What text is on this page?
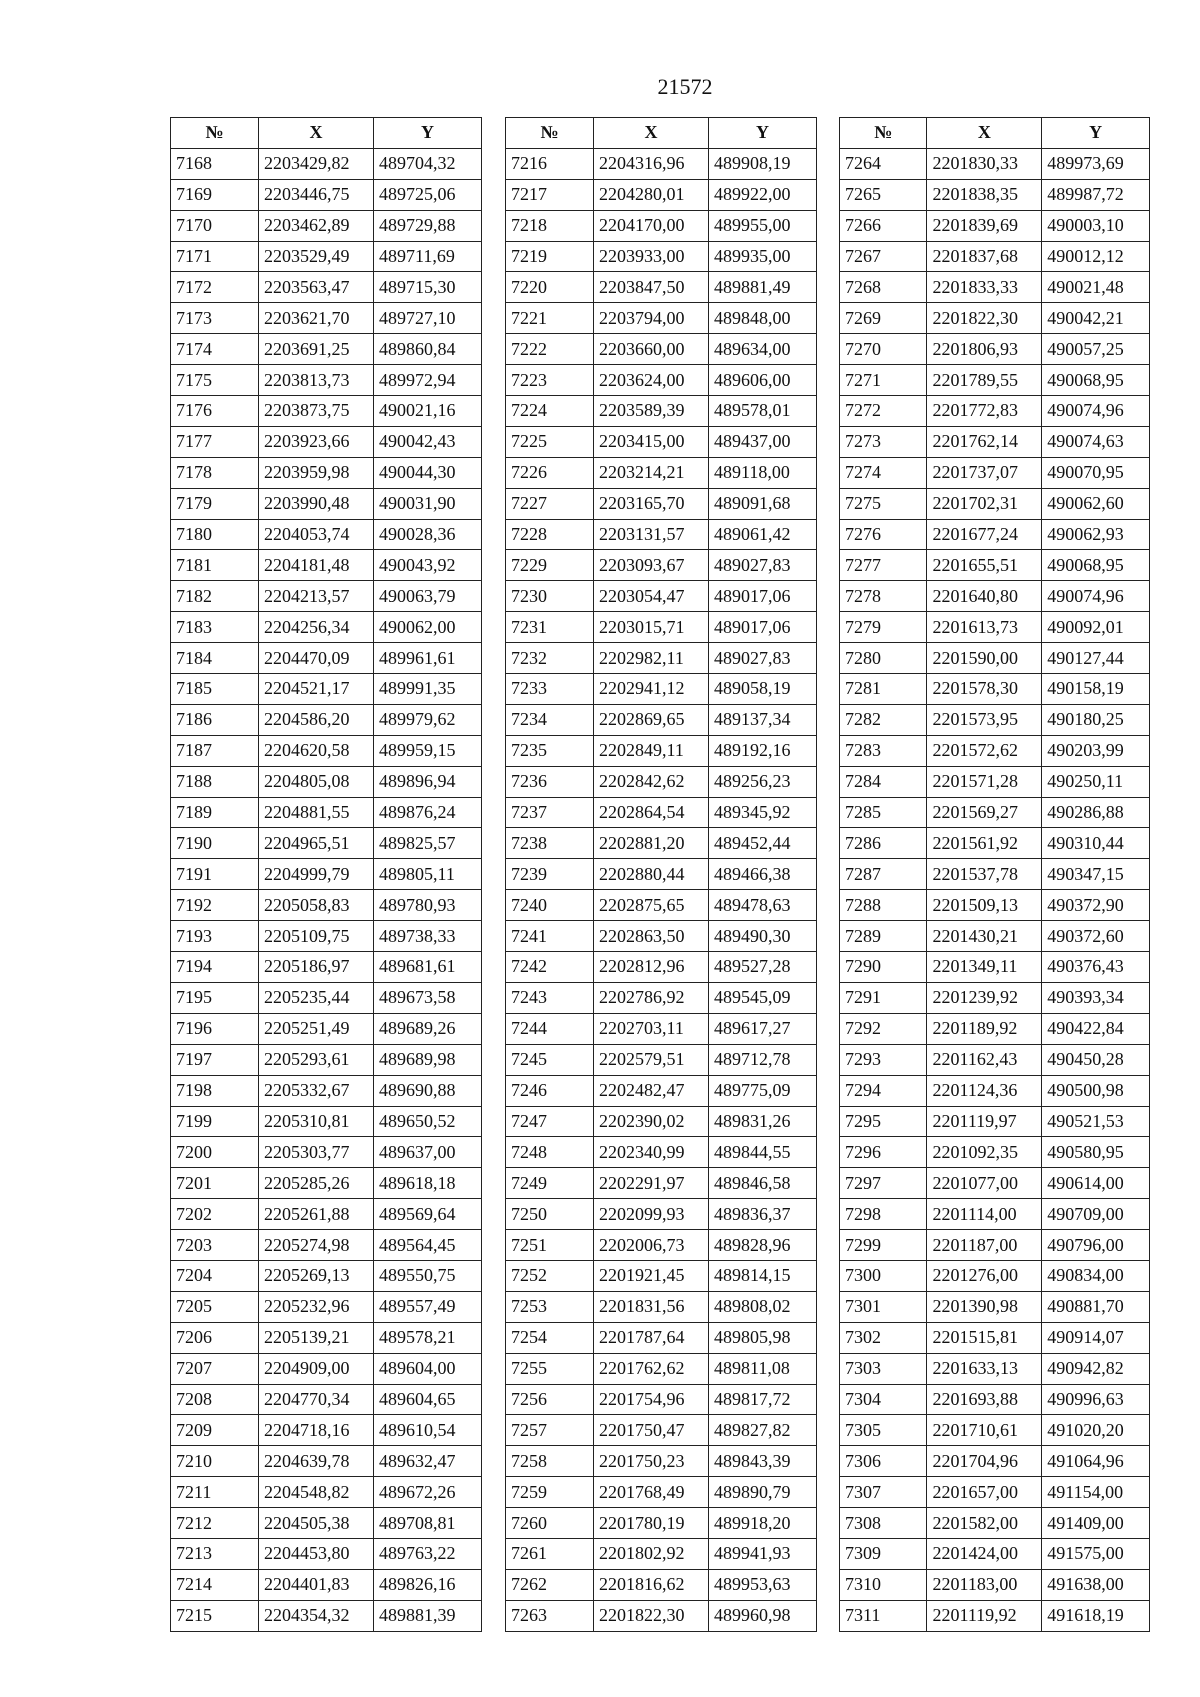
21572
№	X	Y
7168	2203429,82	489704,32
7169	2203446,75	489725,06
7170	2203462,89	489729,88
7171	2203529,49	489711,69
7172	2203563,47	489715,30
7173	2203621,70	489727,10
7174	2203691,25	489860,84
7175	2203813,73	489972,94
7176	2203873,75	490021,16
7177	2203923,66	490042,43
7178	2203959,98	490044,30
7179	2203990,48	490031,90
7180	2204053,74	490028,36
7181	2204181,48	490043,92
7182	2204213,57	490063,79
7183	2204256,34	490062,00
7184	2204470,09	489961,61
7185	2204521,17	489991,35
7186	2204586,20	489979,62
7187	2204620,58	489959,15
7188	2204805,08	489896,94
7189	2204881,55	489876,24
7190	2204965,51	489825,57
7191	2204999,79	489805,11
7192	2205058,83	489780,93
7193	2205109,75	489738,33
7194	2205186,97	489681,61
7195	2205235,44	489673,58
7196	2205251,49	489689,26
7197	2205293,61	489689,98
7198	2205332,67	489690,88
7199	2205310,81	489650,52
7200	2205303,77	489637,00
7201	2205285,26	489618,18
7202	2205261,88	489569,64
7203	2205274,98	489564,45
7204	2205269,13	489550,75
7205	2205232,96	489557,49
7206	2205139,21	489578,21
7207	2204909,00	489604,00
7208	2204770,34	489604,65
7209	2204718,16	489610,54
7210	2204639,78	489632,47
7211	2204548,82	489672,26
7212	2204505,38	489708,81
7213	2204453,80	489763,22
7214	2204401,83	489826,16
7215	2204354,32	489881,39
№	X	Y
7216	2204316,96	489908,19
7217	2204280,01	489922,00
7218	2204170,00	489955,00
7219	2203933,00	489935,00
7220	2203847,50	489881,49
7221	2203794,00	489848,00
7222	2203660,00	489634,00
7223	2203624,00	489606,00
7224	2203589,39	489578,01
7225	2203415,00	489437,00
7226	2203214,21	489118,00
7227	2203165,70	489091,68
7228	2203131,57	489061,42
7229	2203093,67	489027,83
7230	2203054,47	489017,06
7231	2203015,71	489017,06
7232	2202982,11	489027,83
7233	2202941,12	489058,19
7234	2202869,65	489137,34
7235	2202849,11	489192,16
7236	2202842,62	489256,23
7237	2202864,54	489345,92
7238	2202881,20	489452,44
7239	2202880,44	489466,38
7240	2202875,65	489478,63
7241	2202863,50	489490,30
7242	2202812,96	489527,28
7243	2202786,92	489545,09
7244	2202703,11	489617,27
7245	2202579,51	489712,78
7246	2202482,47	489775,09
7247	2202390,02	489831,26
7248	2202340,99	489844,55
7249	2202291,97	489846,58
7250	2202099,93	489836,37
7251	2202006,73	489828,96
7252	2201921,45	489814,15
7253	2201831,56	489808,02
7254	2201787,64	489805,98
7255	2201762,62	489811,08
7256	2201754,96	489817,72
7257	2201750,47	489827,82
7258	2201750,23	489843,39
7259	2201768,49	489890,79
7260	2201780,19	489918,20
7261	2201802,92	489941,93
7262	2201816,62	489953,63
7263	2201822,30	489960,98
№	X	Y
7264	2201830,33	489973,69
7265	2201838,35	489987,72
7266	2201839,69	490003,10
7267	2201837,68	490012,12
7268	2201833,33	490021,48
7269	2201822,30	490042,21
7270	2201806,93	490057,25
7271	2201789,55	490068,95
7272	2201772,83	490074,96
7273	2201762,14	490074,63
7274	2201737,07	490070,95
7275	2201702,31	490062,60
7276	2201677,24	490062,93
7277	2201655,51	490068,95
7278	2201640,80	490074,96
7279	2201613,73	490092,01
7280	2201590,00	490127,44
7281	2201578,30	490158,19
7282	2201573,95	490180,25
7283	2201572,62	490203,99
7284	2201571,28	490250,11
7285	2201569,27	490286,88
7286	2201561,92	490310,44
7287	2201537,78	490347,15
7288	2201509,13	490372,90
7289	2201430,21	490372,60
7290	2201349,11	490376,43
7291	2201239,92	490393,34
7292	2201189,92	490422,84
7293	2201162,43	490450,28
7294	2201124,36	490500,98
7295	2201119,97	490521,53
7296	2201092,35	490580,95
7297	2201077,00	490614,00
7298	2201114,00	490709,00
7299	2201187,00	490796,00
7300	2201276,00	490834,00
7301	2201390,98	490881,70
7302	2201515,81	490914,07
7303	2201633,13	490942,82
7304	2201693,88	490996,63
7305	2201710,61	491020,20
7306	2201704,96	491064,96
7307	2201657,00	491154,00
7308	2201582,00	491409,00
7309	2201424,00	491575,00
7310	2201183,00	491638,00
7311	2201119,92	491618,19
